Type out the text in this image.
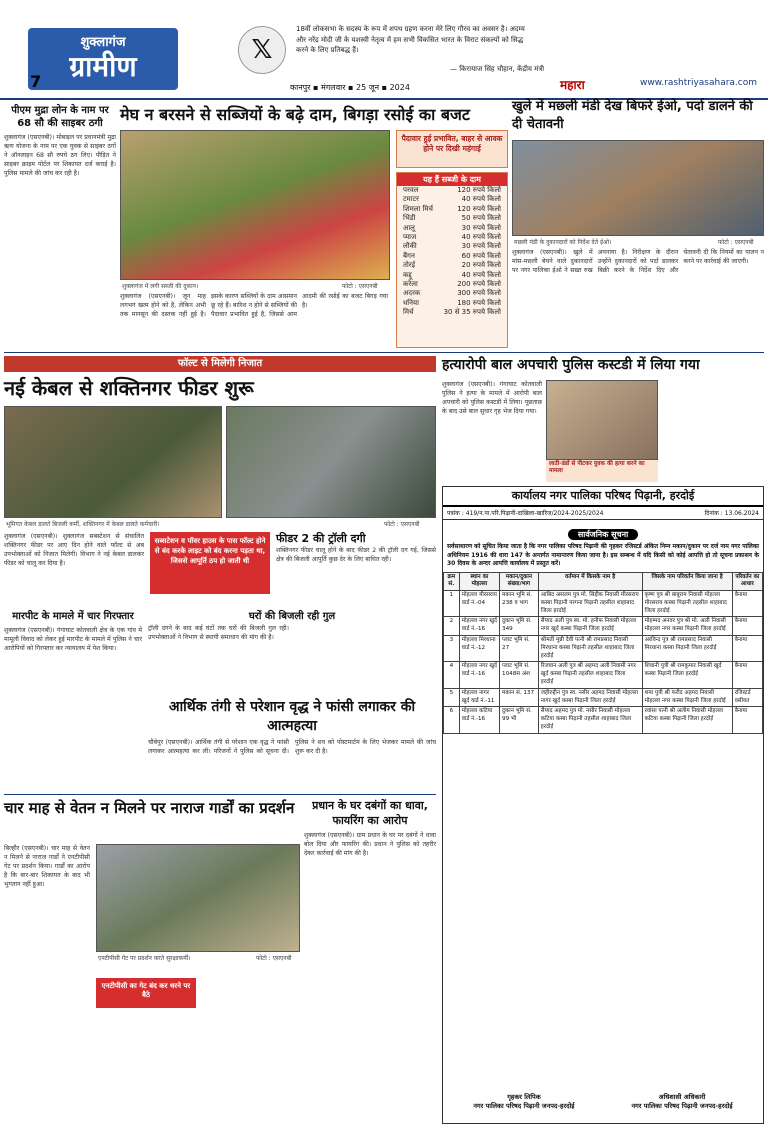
शुक्लागंज
ग्रामीण
7
𝕏
18वीं लोकसभा के सदस्य के रूप में शपथ ग्रहण करना मेरे लिए गौरव का अवसर है। अदम्य और नरेंद्र मोदी जी के यशस्वी नेतृत्व में हम सभी विकसित भारत के विराट संकल्पों को सिद्ध करने के लिए प्रतिबद्ध हैं।
— किरायाज सिंह चौहान, केंद्रीय मंत्री
कानपुर ▪ मंगलवार ▪ 25 जून ▪ 2024	महारा	www.rashtriyasahara.com
पीएम मुद्रा लोन के नाम पर 68 सौ की साइबर ठगी
शुक्लागंज (एसएनबी)। मोबाइल पर प्रधानमंत्री मुद्रा ऋण योजना के नाम पर एक युवक से साइबर ठगों ने ऑनलाइन 68 सौ रुपये ठग लिए। पीड़ित ने साइबर क्राइम पोर्टल पर शिकायत दर्ज कराई है। पुलिस मामले की जांच कर रही है।
मेघ न बरसने से सब्जियों के बढ़े दाम, बिगड़ा रसोई का बजट
शुक्लागंज में लगी सब्जी की दुकान।	फोटो : एसएनबी
शुक्लागंज (एसएनबी)। जून माह लगभग खत्म होने को है, लेकिन अभी तक मानसून की दस्तक नहीं हुई है। इसके कारण सब्जियों के दाम आसमान छू रहे हैं। बारिश न होने से सब्जियों की पैदावार प्रभावित हुई है, जिससे आम आदमी की रसोई का बजट बिगड़ गया है।
पैदावार हुई प्रभावित, बाहर से आवक होने पर दिखी महंगाई
यह हैं सब्जी के दाम
परवल	120 रुपये किलो
टमाटर	40 रुपये किलो
शिमला मिर्च	120 रुपये किलो
भिंडी	50 रुपये किलो
आलू	30 रुपये किलो
प्याज	40 रुपये किलो
लौकी	30 रुपये किलो
बैंगन	60 रुपये किलो
तोरई	20 रुपये किलो
कद्दू	40 रुपये किलो
करेला	200 रुपये किलो
अदरक	300 रुपये किलो
धनिया	180 रुपये किलो
मिर्च	30 से 35 रुपये किलो
खुले में मछली मंडी देख बिफरे ईओ, पर्दा डालने की दी चेतावनी
मछली मंडी के दुकानदारों को निर्देश देते ईओ।	फोटो : एसएनबी
शुक्लागंज (एसएनबी)। खुले में मांस-मछली बेचने वाले दुकानदारों पर नगर पालिका ईओ ने सख्त रुख अपनाया है। निरीक्षण के दौरान उन्होंने दुकानदारों को पर्दा डालकर बिक्री करने के निर्देश दिए और चेतावनी दी कि नियमों का पालन न करने पर कार्रवाई की जाएगी।
फॉल्ट से मिलेगी निजात
नई केबल से शक्तिनगर फीडर शुरू
भूमिगत केबल डालते बिजली कर्मी, शक्तिनगर में केबल डालते कर्मचारी।	फोटो : एसएनबी
शुक्लागंज (एसएनबी)। शुक्लागंज सबस्टेशन से संचालित शक्तिनगर फीडर पर आए दिन होने वाले फॉल्ट से अब उपभोक्ताओं को निजात मिलेगी। विभाग ने नई केबल डालकर फीडर को चालू कर दिया है।
सब्सटेशन व पॉवर हाउस के पास फॉल्ट होने से बंद करके लाइट को बंद करना पड़ता था, जिससे आपूर्ति ठप हो जाती थी
फीडर 2 की ट्रॉली दगी
शक्तिनगर फीडर चालू होने के बाद फीडर 2 की ट्रॉली दग गई, जिससे क्षेत्र की बिजली आपूर्ति कुछ देर के लिए बाधित रही।
मारपीट के मामले में चार गिरफ्तार
शुक्लागंज (एसएनबी)। गंगाघाट कोतवाली क्षेत्र के एक गांव में मामूली विवाद को लेकर हुई मारपीट के मामले में पुलिस ने चार आरोपियों को गिरफ्तार कर न्यायालय में पेश किया।
घरों की बिजली रही गुल
ट्रॉली दगने के बाद कई घंटों तक घरों की बिजली गुल रही। उपभोक्ताओं ने विभाग से स्थायी समाधान की मांग की है।
आर्थिक तंगी से परेशान वृद्ध ने फांसी लगाकर की आत्महत्या
चौबेपुर (एसएनबी)। आर्थिक तंगी से परेशान एक वृद्ध ने फांसी लगाकर आत्महत्या कर ली। परिजनों ने पुलिस को सूचना दी। पुलिस ने शव को पोस्टमार्टम के लिए भेजकर मामले की जांच शुरू कर दी है।
चार माह से वेतन न मिलने पर नाराज गार्डों का प्रदर्शन
बिल्हौर (एसएनबी)। चार माह से वेतन न मिलने से नाराज गार्डों ने एनटीपीसी गेट पर प्रदर्शन किया। गार्डों का आरोप है कि बार-बार शिकायत के बाद भी भुगतान नहीं हुआ।
एनटीपीसी गेट पर प्रदर्शन करते सुरक्षाकर्मी।	फोटो : एसएनबी
एनटीपीसी का गेट बंद कर धरने पर बैठे
प्रधान के घर दबंगों का धावा, फायरिंग का आरोप
शुक्लागंज (एसएनबी)। ग्राम प्रधान के घर पर दबंगों ने धावा बोल दिया और फायरिंग की। प्रधान ने पुलिस को तहरीर देकर कार्रवाई की मांग की है।
हत्यारोपी बाल अपचारी पुलिस कस्टडी में लिया गया
शुक्लागंज (एसएनबी)। गंगाघाट कोतवाली पुलिस ने हत्या के मामले में आरोपी बाल अपचारी को पुलिस कस्टडी में लिया। पूछताछ के बाद उसे बाल सुधार गृह भेज दिया गया।
लाठी-डंडों से पीटकर युवक की हत्या करने का मामला
कार्यालय नगर पालिका परिषद पिढ़ानी, हरदोई
पत्रांक : 419/न.पा.परि.पिढ़ानी-दाखिला-खारिज/2024-2025/2024	दिनांक : 13.06.2024
सार्वजनिक सूचना
सर्वसाधारण को सूचित किया जाता है कि नगर पालिका परिषद पिढ़ानी की गृहकर रजिस्टर्ड अंकित निम्न मकान/दुकान पर दर्ज नाम नगर पालिका अधिनियम 1916 की धारा 147 के अन्तर्गत नामान्तरण किया जाना है। इस सम्बन्ध में यदि किसी को कोई आपत्ति हो तो सूचना प्रकाशन के 30 दिवस के अन्दर आपत्ति कार्यालय में प्रस्तुत करें।
क्रम सं.	स्थान का मोहल्ला	मकान/दुकान संख्या/भाग	वर्तमान में किसके नाम है	जिसके नाम परिवर्तन किया जाना है	परिवर्तन का आधार
1	मोहल्ला मीरसराय वार्ड नं.-04	मकान भूमि सं. 238 व भाग	आबिद असलम पुत्र मो. सिद्दीक निवासी मीरसराय कस्बा पिढ़ानी परगना पिढ़ानी तहसील शाहाबाद जिला हरदोई	कृष्ण पुत्र श्री बाबूराम निवासी मोहल्ला मीरसराय कस्बा पिढ़ानी तहसील शाहाबाद जिला हरदोई	बैनामा
2	मोहल्ला नगर खुर्द वार्ड नं.-16	दुकान भूमि सं. 349	सैय्यद अली पुत्र स्व. मो. हनीफ निवासी मोहल्ला नगर खुर्द कस्बा पिढ़ानी जिला हरदोई	मोहम्मद अनवर पुत्र श्री मो. अली निवासी मोहल्ला नगर कस्बा पिढ़ानी जिला हरदोई	बैनामा
3	मोहल्ला मिरधाना वार्ड नं.-12	प्लाट भूमि सं. 27	श्रीमती मुन्नी देवी पत्नी श्री रामप्रसाद निवासी मिरधाना कस्बा पिढ़ानी तहसील शाहाबाद जिला हरदोई	अरविन्द पुत्र श्री रामप्रसाद निवासी मिरधाना कस्बा पिढ़ानी जिला हरदोई	बैनामा
4	मोहल्ला नगर खुर्द वार्ड नं.-16	प्लाट भूमि सं. 1048स अंश	रिजवान अली पुत्र श्री अहमद अली निवासी नगर खुर्द कस्बा पिढ़ानी तहसील शाहाबाद जिला हरदोई	शिवानी पुत्री श्री रामकुमार निवासी खुर्द कस्बा पिढ़ानी जिला हरदोई	बैनामा
5	मोहल्ला नागर खुर्द वार्ड नं.-11	मकान सं. 137	जहीरुद्दीन पुत्र स्व. नसीर अहमद निवासी मोहल्ला नागर खुर्द कस्बा पिढ़ानी जिला हरदोई	शमा पुत्री श्री फरीद अहमद निवासी मोहल्ला नगर कस्बा पिढ़ानी जिला हरदोई	रजिस्टर्ड वसीयत
6	मोहल्ला कटिया वार्ड नं.-16	दुकान भूमि सं. 99 भी	सैय्यद अहमद पुत्र मो. नसीर निवासी मोहल्ला कटिया कस्बा पिढ़ानी तहसील शाहाबाद जिला हरदोई	रवांसा पत्नी श्री अलीम निवासी मोहल्ला कटिया कस्बा पिढ़ानी जिला हरदोई	बैनामा
गृहकर लिपिक
नगर पालिका परिषद पिढ़ानी जनपद-हरदोई
अधिशासी अधिकारी
नगर पालिका परिषद पिढ़ानी जनपद-हरदोई
